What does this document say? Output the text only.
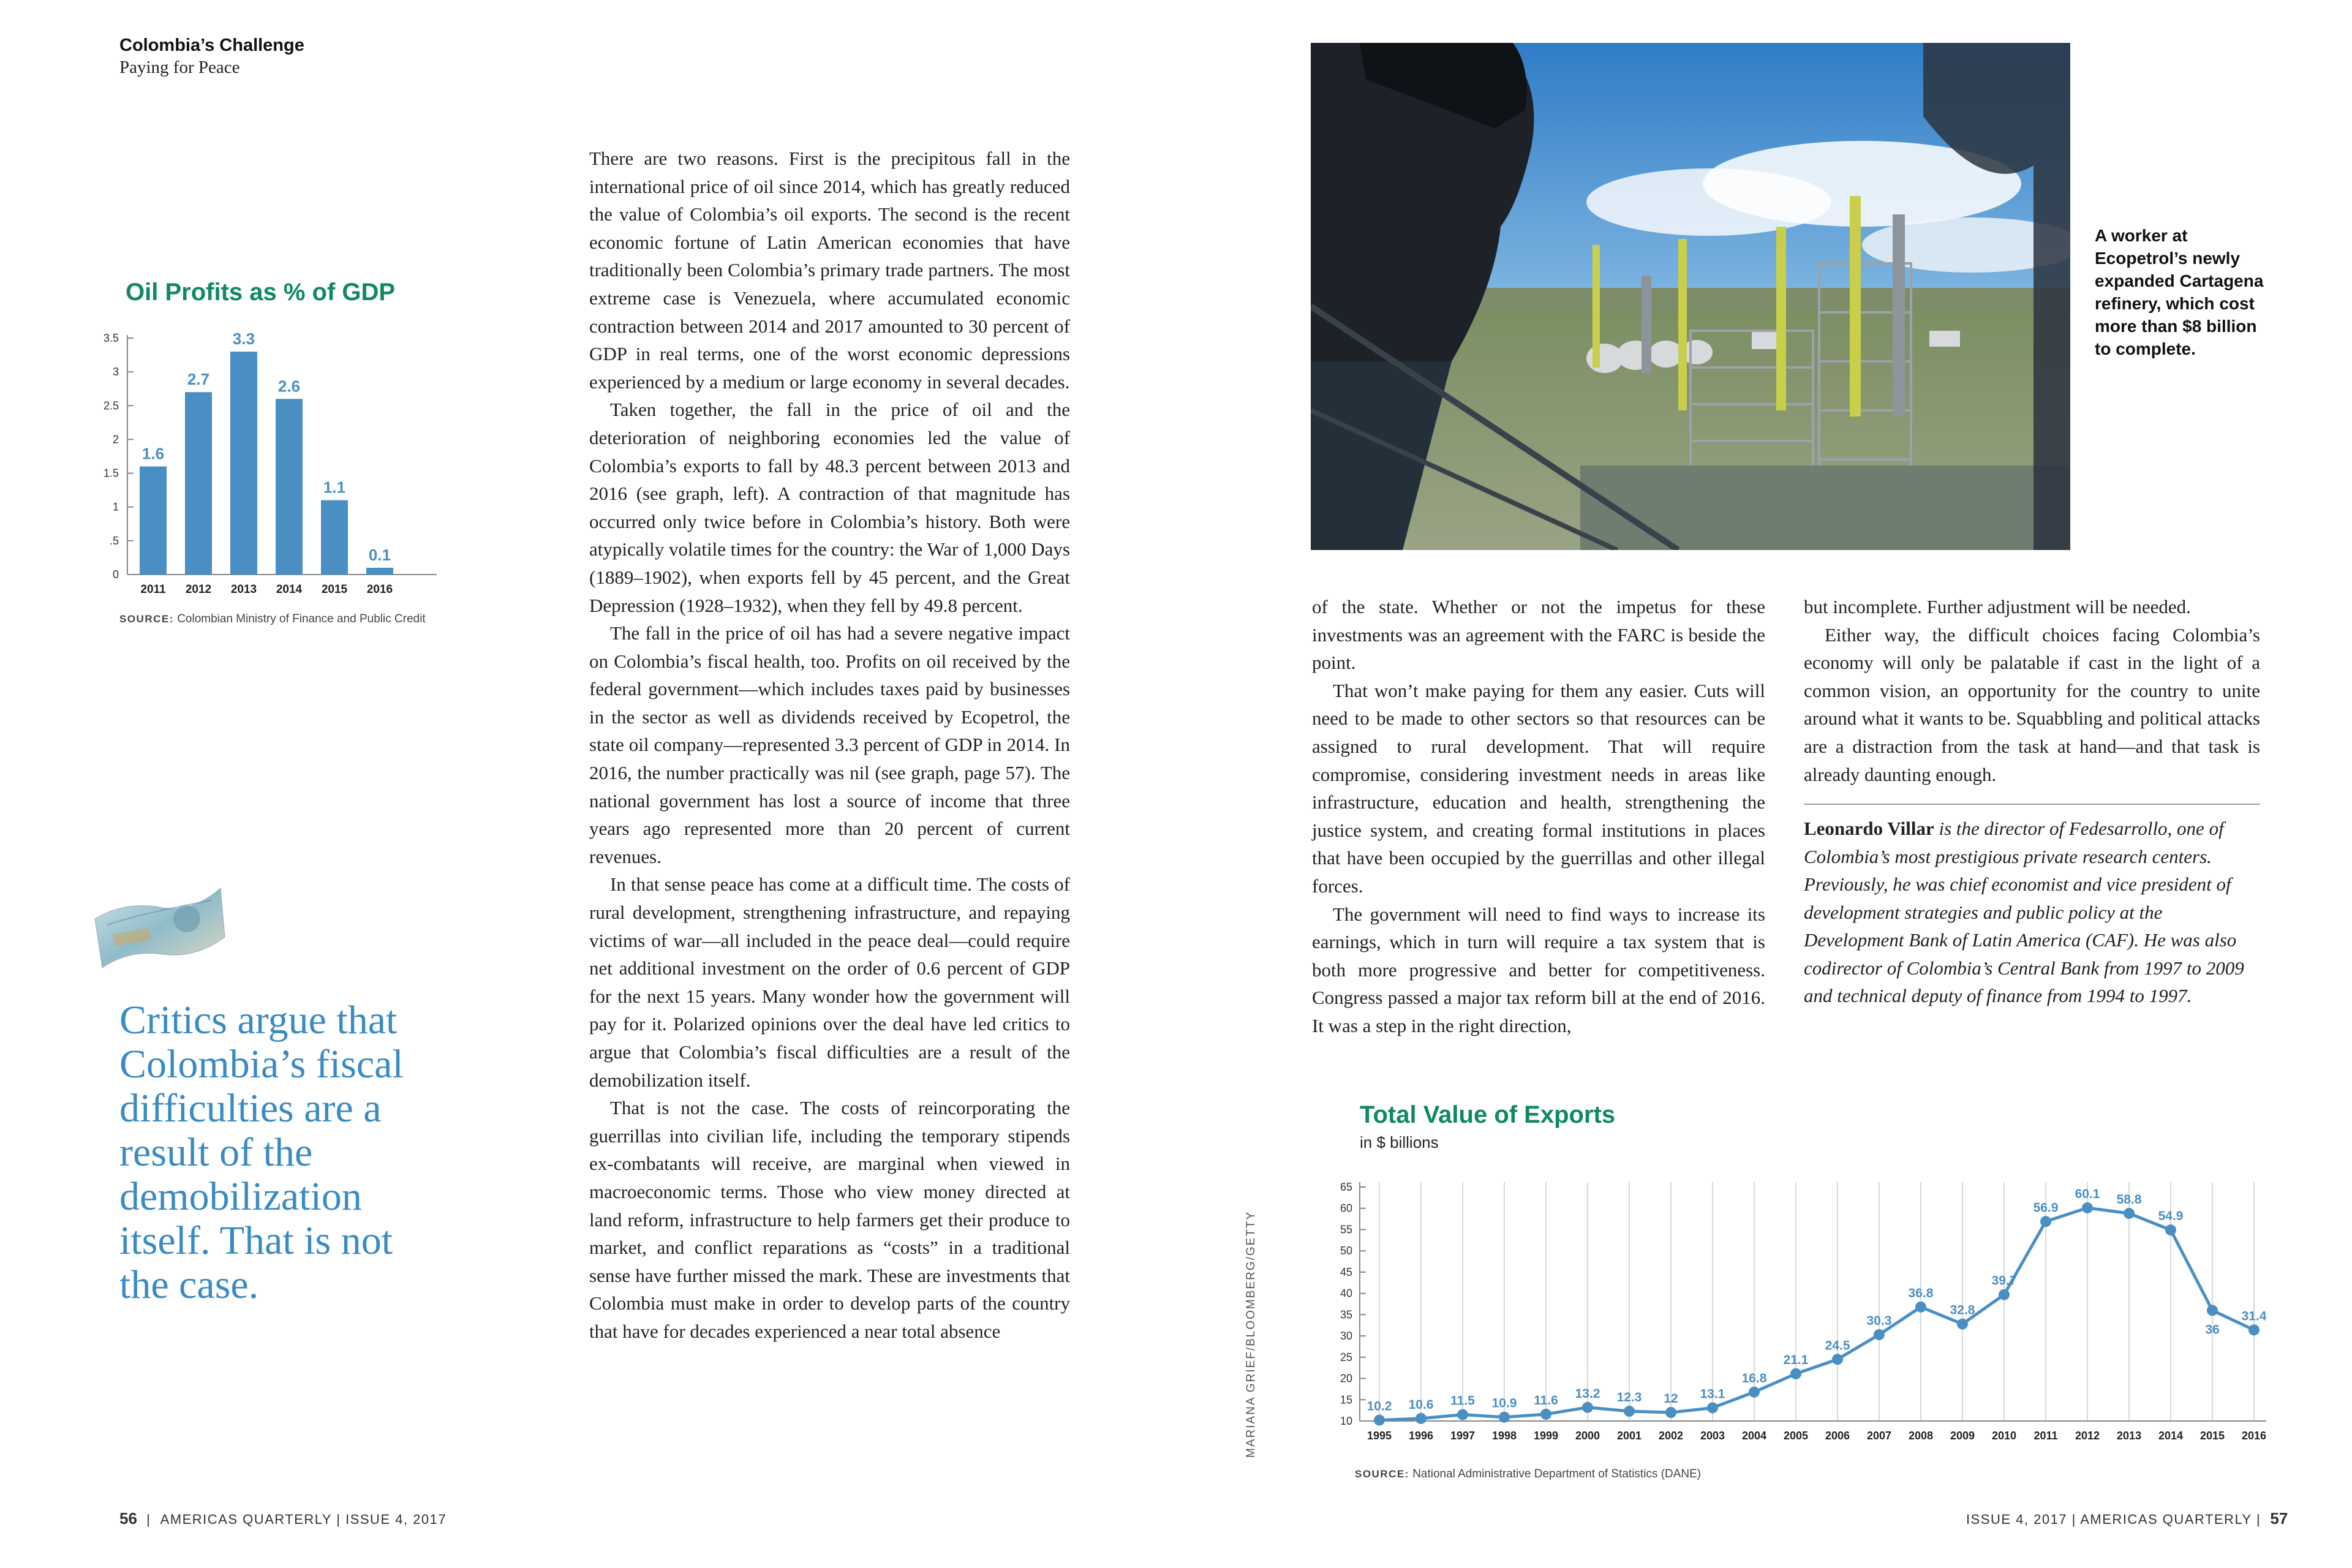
Colombia’s Challenge
Paying for Peace
Oil Profits as % of GDP
0
.5
1
1.5
2
2.5
3
3.5
1.6
2011
2.7
2012
3.3
2013
2.6
2014
1.1
2015
0.1
2016
SOURCE: Colombian Ministry of Finance and Public Credit
Critics argue that Colombia’s fiscal difficulties are a result of the demobilization itself. That is not the case.

There are two reasons. First is the precipitous fall in the international price of oil since 2014, which has greatly reduced the value of Colombia’s oil exports. The second is the recent economic fortune of Latin American economies that have traditionally been Colombia’s primary trade partners. The most extreme case is Venezuela, where accumulated economic contraction between 2014 and 2017 amounted to 30 percent of GDP in real terms, one of the worst economic depressions experienced by a medium or large economy in several decades.

Taken together, the fall in the price of oil and the deterioration of neighboring economies led the value of Colombia’s exports to fall by 48.3 percent between 2013 and 2016 (see graph, left). A contraction of that magnitude has occurred only twice before in Colombia’s history. Both were atypically volatile times for the country: the War of 1,000 Days (1889–1902), when exports fell by 45 percent, and the Great Depression (1928–1932), when they fell by 49.8 percent.

The fall in the price of oil has had a severe negative impact on Colombia’s fiscal health, too. Profits on oil received by the federal government—which includes taxes paid by businesses in the sector as well as dividends received by Ecopetrol, the state oil company—represented 3.3 percent of GDP in 2014. In 2016, the number practically was nil (see graph, page 57). The national government has lost a source of income that three years ago represented more than 20 percent of current revenues.

In that sense peace has come at a difficult time. The costs of rural development, strengthening infrastructure, and repaying victims of war—all included in the peace deal—could require net additional investment on the order of 0.6 percent of GDP for the next 15 years. Many wonder how the government will pay for it. Polarized opinions over the deal have led critics to argue that Colombia’s fiscal difficulties are a result of the demobilization itself.

That is not the case. The costs of reincorporating the guerrillas into civilian life, including the temporary stipends ex-combatants will receive, are marginal when viewed in macroeconomic terms. Those who view money directed at land reform, infrastructure to help farmers get their produce to market, and conflict reparations as “costs” in a traditional sense have further missed the mark. These are investments that Colombia must make in order to develop parts of the country that have for decades experienced a near total absence

A worker at Ecopetrol’s newly expanded Cartagena refinery, which cost more than $8 billion to complete.

of the state. Whether or not the impetus for these investments was an agreement with the FARC is beside the point.

That won’t make paying for them any easier. Cuts will need to be made to other sectors so that resources can be assigned to rural development. That will require compromise, considering investment needs in areas like infrastructure, education and health, strengthening the justice system, and creating formal institutions in places that have been occupied by the guerrillas and other illegal forces.

The government will need to find ways to increase its earnings, which in turn will require a tax system that is both more progressive and better for competitiveness. Congress passed a major tax reform bill at the end of 2016. It was a step in the right direction,

but incomplete. Further adjustment will be needed.

Either way, the difficult choices facing Colombia’s economy will only be palatable if cast in the light of a common vision, an opportunity for the country to unite around what it wants to be. Squabbling and political attacks are a distraction from the task at hand—and that task is already daunting enough.

Leonardo Villar is the director of Fedesarrollo, one of Colombia’s most prestigious private research centers. Previously, he was chief economist and vice president of development strategies and public policy at the Development Bank of Latin America (CAF). He was also codirector of Colombia’s Central Bank from 1997 to 2009 and technical deputy of finance from 1994 to 1997.
MARIANA GRIEF/BLOOMBERG/GETTY
Total Value of Exports
in $ billions
10
15
20
25
30
35
40
45
50
55
60
65
10.2
1995
10.6
1996
11.5
1997
10.9
1998
11.6
1999
13.2
2000
12.3
2001
12
2002
13.1
2003
16.8
2004
21.1
2005
24.5
2006
30.3
2007
36.8
2008
32.8
2009
39.7
2010
56.9
2011
60.1
2012
58.8
2013
54.9
2014
36
2015
31.4
2016
SOURCE: National Administrative Department of Statistics (DANE)
56  |  AMERICAS QUARTERLY | ISSUE 4, 2017	ISSUE 4, 2017 | AMERICAS QUARTERLY | 57
